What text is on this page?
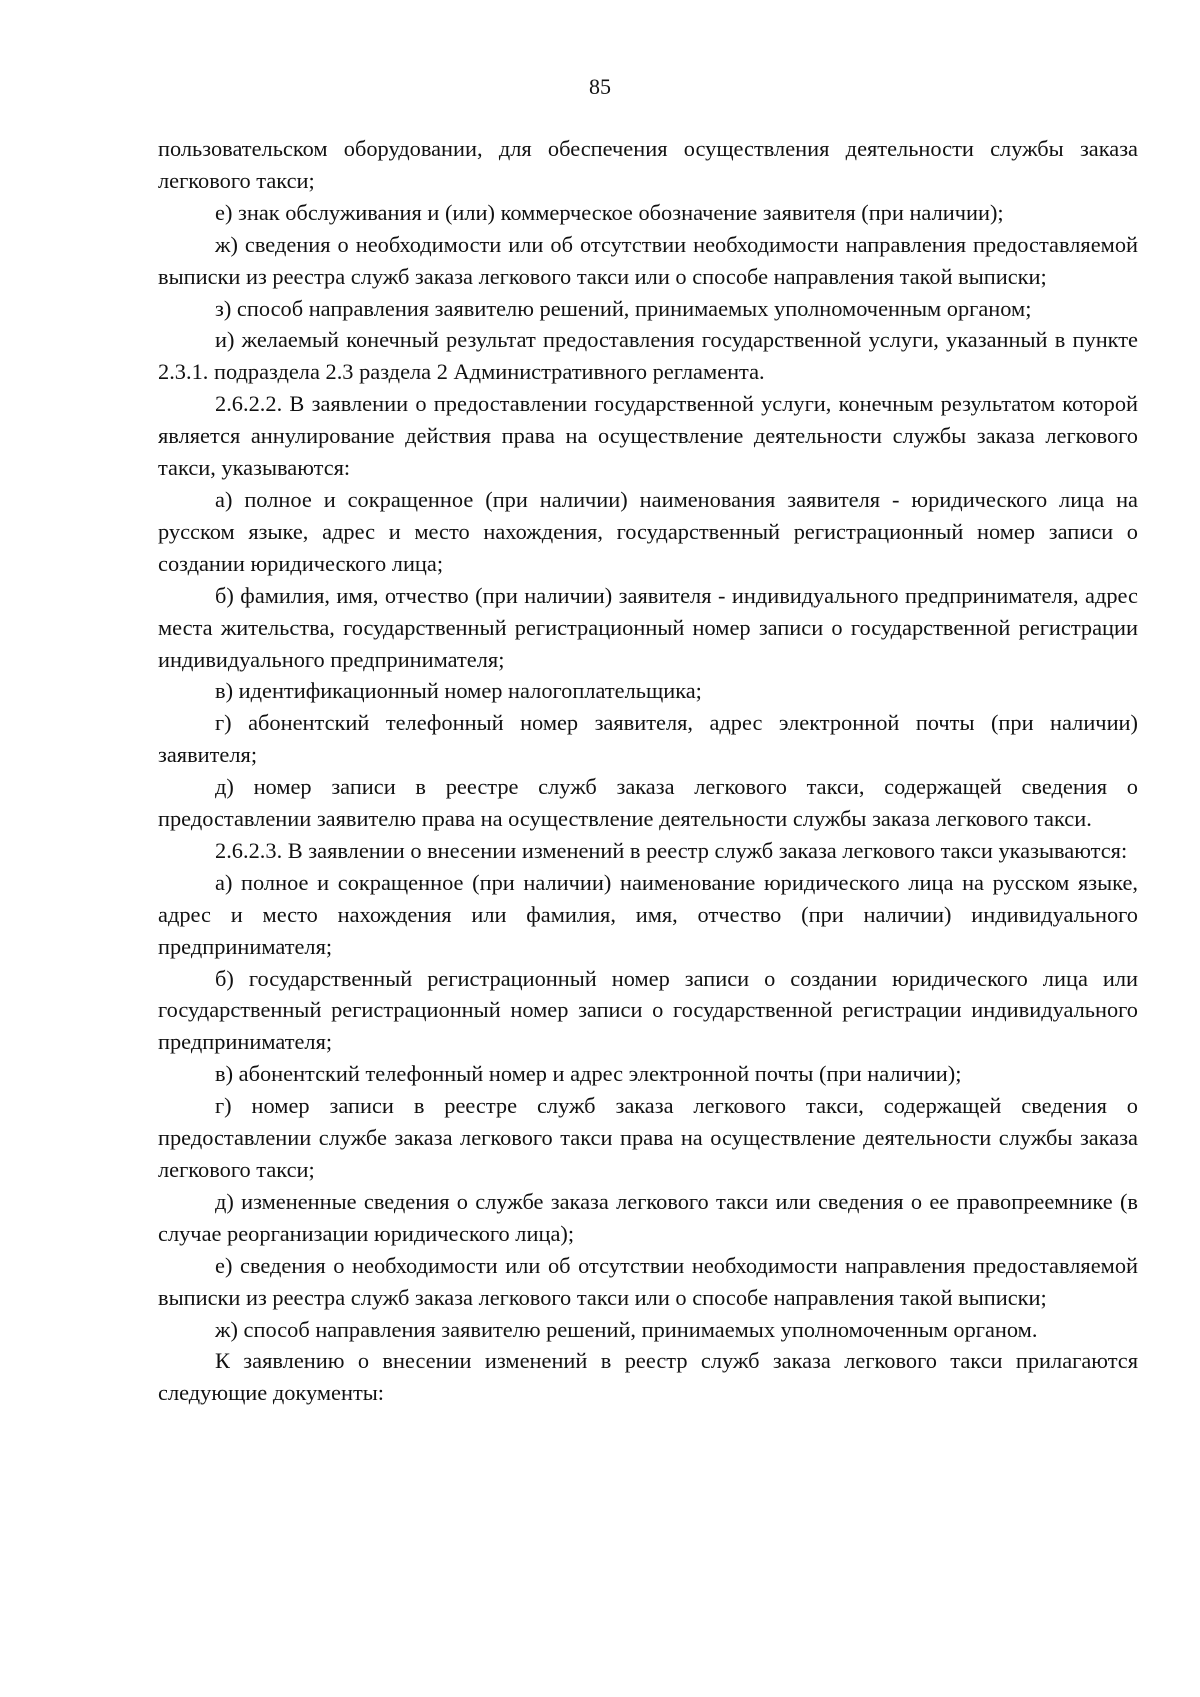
85

пользовательском оборудовании, для обеспечения осуществления деятельности службы заказа легкового такси;

е) знак обслуживания и (или) коммерческое обозначение заявителя (при наличии);

ж) сведения о необходимости или об отсутствии необходимости направления предоставляемой выписки из реестра служб заказа легкового такси или о способе направления такой выписки;

з) способ направления заявителю решений, принимаемых уполномоченным органом;

и) желаемый конечный результат предоставления государственной услуги, указанный в пункте 2.3.1. подраздела 2.3 раздела 2 Административного регламента.

2.6.2.2. В заявлении о предоставлении государственной услуги, конечным результатом которой является аннулирование действия права на осуществление деятельности службы заказа легкового такси, указываются:

а) полное и сокращенное (при наличии) наименования заявителя - юридического лица на русском языке, адрес и место нахождения, государственный регистрационный номер записи о создании юридического лица;

б) фамилия, имя, отчество (при наличии) заявителя - индивидуального предпринимателя, адрес места жительства, государственный регистрационный номер записи о государственной регистрации индивидуального предпринимателя;

в) идентификационный номер налогоплательщика;

г) абонентский телефонный номер заявителя, адрес электронной почты (при наличии) заявителя;

д) номер записи в реестре служб заказа легкового такси, содержащей сведения о предоставлении заявителю права на осуществление деятельности службы заказа легкового такси.

2.6.2.3. В заявлении о внесении изменений в реестр служб заказа легкового такси указываются:

а) полное и сокращенное (при наличии) наименование юридического лица на русском языке, адрес и место нахождения или фамилия, имя, отчество (при наличии) индивидуального предпринимателя;

б) государственный регистрационный номер записи о создании юридического лица или государственный регистрационный номер записи о государственной регистрации индивидуального предпринимателя;

в) абонентский телефонный номер и адрес электронной почты (при наличии);

г) номер записи в реестре служб заказа легкового такси, содержащей сведения о предоставлении службе заказа легкового такси права на осуществление деятельности службы заказа легкового такси;

д) измененные сведения о службе заказа легкового такси или сведения о ее правопреемнике (в случае реорганизации юридического лица);

е) сведения о необходимости или об отсутствии необходимости направления предоставляемой выписки из реестра служб заказа легкового такси или о способе направления такой выписки;

ж) способ направления заявителю решений, принимаемых уполномоченным органом.

К заявлению о внесении изменений в реестр служб заказа легкового такси прилагаются следующие документы:
